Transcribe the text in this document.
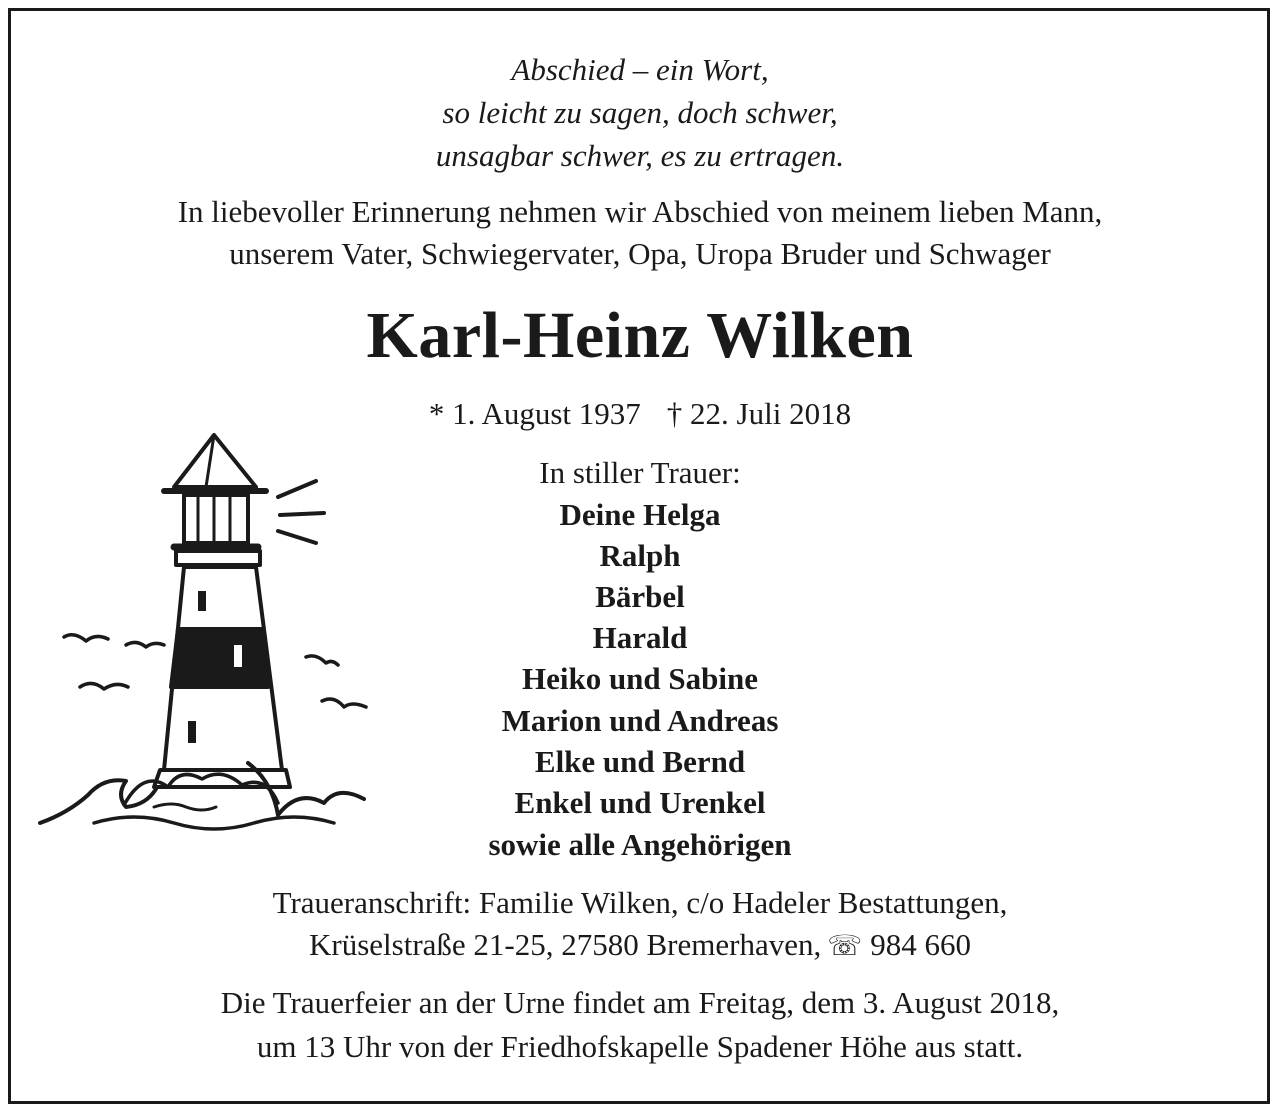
Abschied – ein Wort,
so leicht zu sagen, doch schwer,
unsagbar schwer, es zu ertragen.
In liebevoller Erinnerung nehmen wir Abschied von meinem lieben Mann,
unserem Vater, Schwiegervater, Opa, Uropa Bruder und Schwager
Karl-Heinz Wilken
* 1. August 1937 † 22. Juli 2018
In stiller Trauer:
Deine Helga
Ralph
Bärbel
Harald
Heiko und Sabine
Marion und Andreas
Elke und Bernd
Enkel und Urenkel
sowie alle Angehörigen
Traueranschrift: Familie Wilken, c/o Hadeler Bestattungen,
Krüselstraße 21-25, 27580 Bremerhaven, ☏ 984 660
Die Trauerfeier an der Urne findet am Freitag, dem 3. August 2018,
um 13 Uhr von der Friedhofskapelle Spadener Höhe aus statt.
